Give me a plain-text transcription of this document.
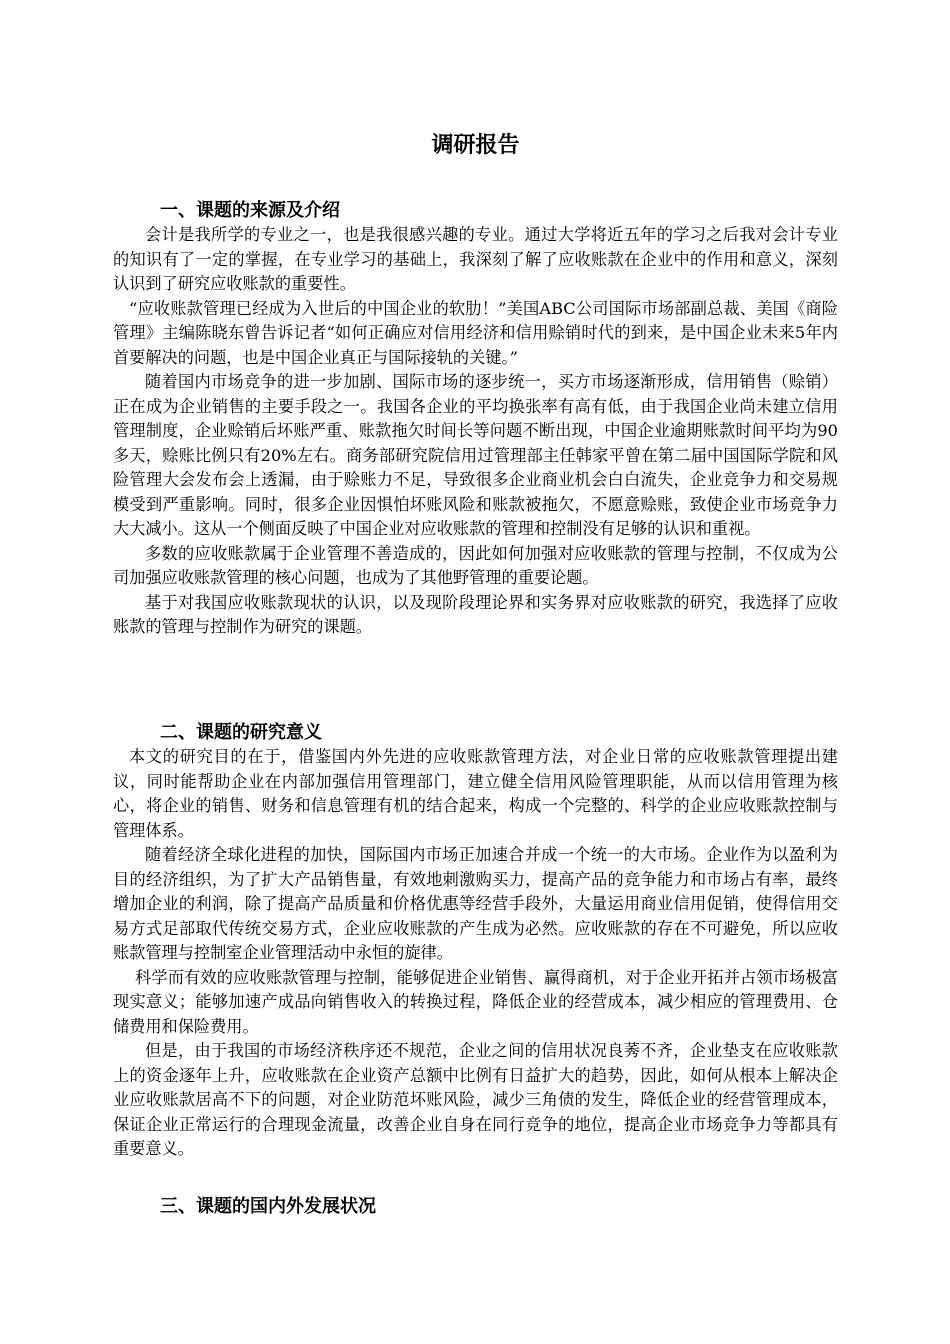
调研报告
一、课题的来源及介绍

会计是我所学的专业之一，也是我很感兴趣的专业。通过大学将近五年的学习之后我对会计专业的知识有了一定的掌握，在专业学习的基础上，我深刻了解了应收账款在企业中的作用和意义，深刻认识到了研究应收账款的重要性。

“应收账款管理已经成为入世后的中国企业的软肋！”美国ABC公司国际市场部副总裁、美国《商险管理》主编陈晓东曾告诉记者“如何正确应对信用经济和信用赊销时代的到来，是中国企业未来5年内首要解决的问题，也是中国企业真正与国际接轨的关键。”

随着国内市场竞争的进一步加剧、国际市场的逐步统一，买方市场逐渐形成，信用销售（赊销）正在成为企业销售的主要手段之一。我国各企业的平均换张率有高有低，由于我国企业尚未建立信用管理制度，企业赊销后坏账严重、账款拖欠时间长等问题不断出现，中国企业逾期账款时间平均为90多天，赊账比例只有20%左右。商务部研究院信用过管理部主任韩家平曾在第二届中国国际学院和风险管理大会发布会上透漏，由于赊账力不足，导致很多企业商业机会白白流失，企业竞争力和交易规模受到严重影响。同时，很多企业因惧怕坏账风险和账款被拖欠，不愿意赊账，致使企业市场竞争力大大减小。这从一个侧面反映了中国企业对应收账款的管理和控制没有足够的认识和重视。

多数的应收账款属于企业管理不善造成的，因此如何加强对应收账款的管理与控制，不仅成为公司加强应收账款管理的核心问题，也成为了其他野管理的重要论题。

基于对我国应收账款现状的认识，以及现阶段理论界和实务界对应收账款的研究，我选择了应收账款的管理与控制作为研究的课题。

二、课题的研究意义

本文的研究目的在于，借鉴国内外先进的应收账款管理方法，对企业日常的应收账款管理提出建议，同时能帮助企业在内部加强信用管理部门，建立健全信用风险管理职能，从而以信用管理为核心，将企业的销售、财务和信息管理有机的结合起来，构成一个完整的、科学的企业应收账款控制与管理体系。

随着经济全球化进程的加快，国际国内市场正加速合并成一个统一的大市场。企业作为以盈利为目的经济组织，为了扩大产品销售量，有效地刺激购买力，提高产品的竞争能力和市场占有率，最终增加企业的利润，除了提高产品质量和价格优惠等经营手段外，大量运用商业信用促销，使得信用交易方式足部取代传统交易方式，企业应收账款的产生成为必然。应收账款的存在不可避免，所以应收账款管理与控制室企业管理活动中永恒的旋律。

科学而有效的应收账款管理与控制，能够促进企业销售、赢得商机，对于企业开拓并占领市场极富现实意义；能够加速产成品向销售收入的转换过程，降低企业的经营成本，减少相应的管理费用、仓储费用和保险费用。

但是，由于我国的市场经济秩序还不规范，企业之间的信用状况良莠不齐，企业垫支在应收账款上的资金逐年上升，应收账款在企业资产总额中比例有日益扩大的趋势，因此，如何从根本上解决企业应收账款居高不下的问题，对企业防范坏账风险，减少三角债的发生，降低企业的经营管理成本，保证企业正常运行的合理现金流量，改善企业自身在同行竞争的地位，提高企业市场竞争力等都具有重要意义。

三、课题的国内外发展状况
